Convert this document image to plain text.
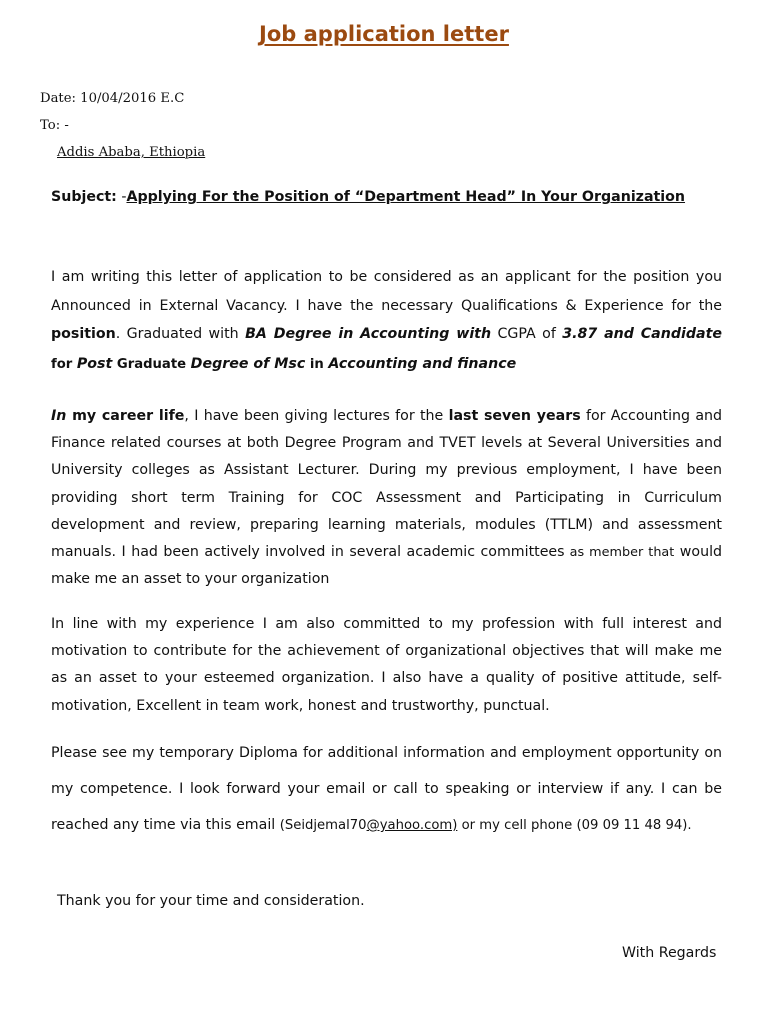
Job application letter
Date: 10/04/2016 E.C
To: -
Addis Ababa, Ethiopia
Subject: -Applying For the Position of “Department Head” In Your Organization

I am writing this letter of application to be considered as an applicant for the position you Announced in External Vacancy. I have the necessary Qualifications & Experience for the position. Graduated with BA Degree in Accounting with CGPA of 3.87 and Candidate for Post Graduate Degree of Msc in Accounting and finance

In my career life, I have been giving lectures for the last seven years for Accounting and Finance related courses at both Degree Program and TVET levels at Several Universities and University colleges as Assistant Lecturer. During my previous employment, I have been providing short term Training for COC Assessment and Participating in Curriculum development and review, preparing learning materials, modules (TTLM) and assessment manuals. I had been actively involved in several academic committees as member that would make me an asset to your organization

In line with my experience I am also committed to my profession with full interest and motivation to contribute for the achievement of organizational objectives that will make me as an asset to your esteemed organization. I also have a quality of positive attitude, self-motivation, Excellent in team work, honest and trustworthy, punctual.

Please see my temporary Diploma for additional information and employment opportunity on my competence. I look forward your email or call to speaking or interview if any. I can be reached any time via this email (Seidjemal70@yahoo.com) or my cell phone (09 09 11 48 94).

Thank you for your time and consideration.
With Regards
